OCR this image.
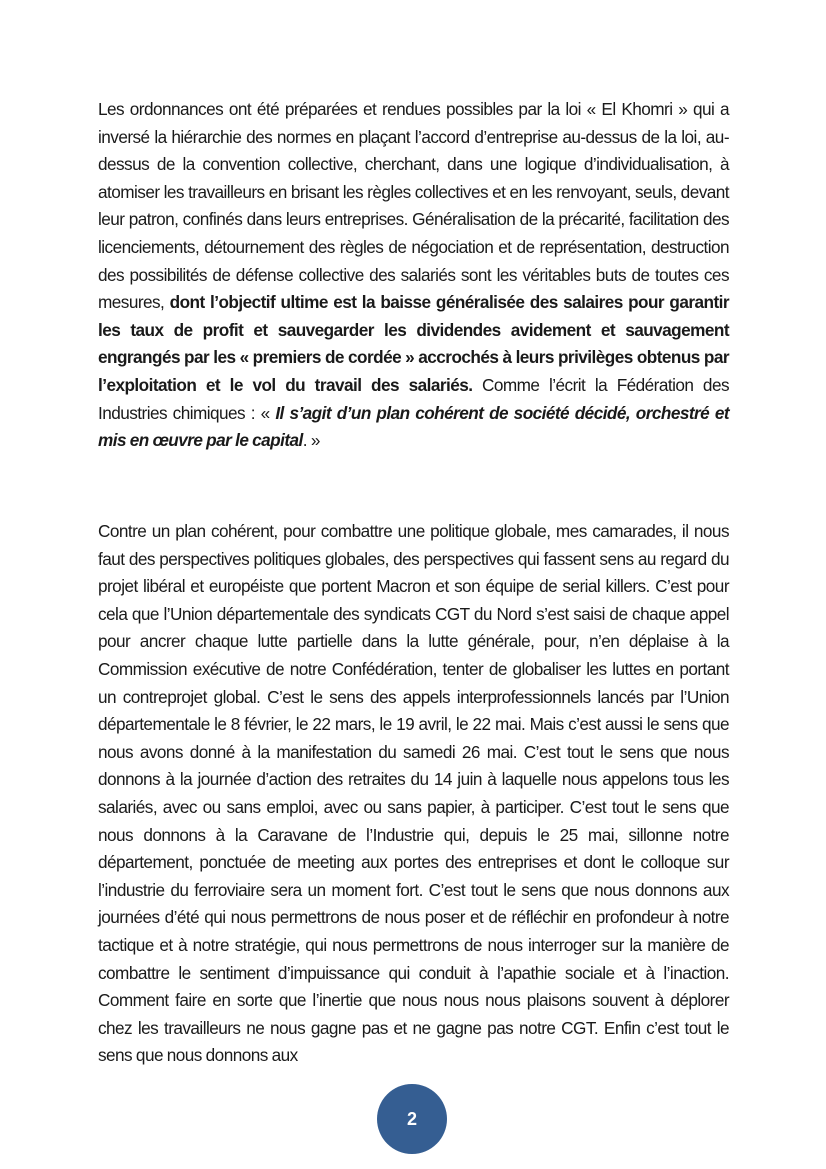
Les ordonnances ont été préparées et rendues possibles par la loi « El Khomri » qui a inversé la hiérarchie des normes en plaçant l’accord d’entreprise au-dessus de la loi, au-dessus de la convention collective, cherchant, dans une logique d’individualisation, à atomiser les travailleurs en brisant les règles collectives et en les renvoyant, seuls, devant leur patron, confinés dans leurs entreprises. Généralisation de la précarité, facilitation des licenciements, détournement des règles de négociation et de représentation, destruction des possibilités de défense collective des salariés sont les véritables buts de toutes ces mesures, dont l’objectif ultime est la baisse généralisée des salaires pour garantir les taux de profit et sauvegarder les dividendes avidement et sauvagement engrangés par les « premiers de cordée » accrochés à leurs privilèges obtenus par l’exploitation et le vol du travail des salariés. Comme l’écrit la Fédération des Industries chimiques : « Il s’agit d’un plan cohérent de société décidé, orchestré et mis en œuvre par le capital. »

Contre un plan cohérent, pour combattre une politique globale, mes camarades, il nous faut des perspectives politiques globales, des perspectives qui fassent sens au regard du projet libéral et européiste que portent Macron et son équipe de serial killers. C’est pour cela que l’Union départementale des syndicats CGT du Nord s’est saisi de chaque appel pour ancrer chaque lutte partielle dans la lutte générale, pour, n’en déplaise à la Commission exécutive de notre Confédération, tenter de globaliser les luttes en portant un contreprojet global. C’est le sens des appels interprofessionnels lancés par l’Union départementale le 8 février, le 22 mars, le 19 avril, le 22 mai. Mais c’est aussi le sens que nous avons donné à la manifestation du samedi 26 mai. C’est tout le sens que nous donnons à la journée d’action des retraites du 14 juin à laquelle nous appelons tous les salariés, avec ou sans emploi, avec ou sans papier, à participer. C’est tout le sens que nous donnons à la Caravane de l’Industrie qui, depuis le 25 mai, sillonne notre département, ponctuée de meeting aux portes des entreprises et dont le colloque sur l’industrie du ferroviaire sera un moment fort. C’est tout le sens que nous donnons aux journées d’été qui nous permettrons de nous poser et de réfléchir en profondeur à notre tactique et à notre stratégie, qui nous permettrons de nous interroger sur la manière de combattre le sentiment d’impuissance qui conduit à l’apathie sociale et à l’inaction. Comment faire en sorte que l’inertie que nous nous nous plaisons souvent à déplorer chez les travailleurs ne nous gagne pas et ne gagne pas notre CGT. Enfin c’est tout le sens que nous donnons aux

2
